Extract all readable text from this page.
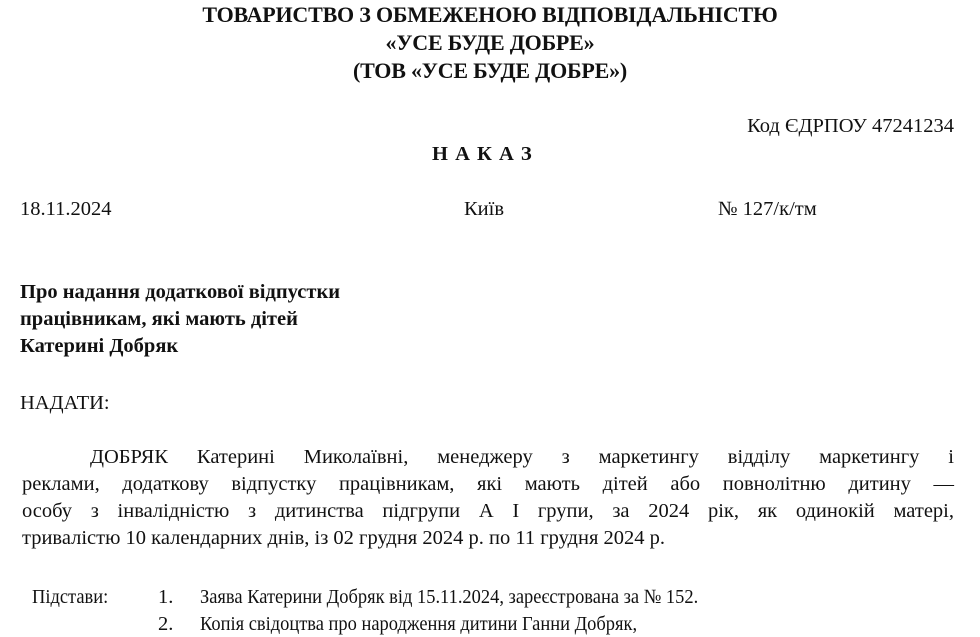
ТОВАРИСТВО З ОБМЕЖЕНОЮ ВІДПОВІДАЛЬНІСТЮ
«УСЕ БУДЕ ДОБРЕ»
(ТОВ «УСЕ БУДЕ ДОБРЕ»)
Код ЄДРПОУ 47241234
Н А К А З
18.11.2024	Київ	№ 127/к/тм
Про надання додаткової відпустки
працівникам, які мають дітей
Катерині Добряк
НАДАТИ:
ДОБРЯК Катерині Миколаївні, менеджеру з маркетингу відділу маркетингу і
реклами, додаткову відпустку працівникам, які мають дітей або повнолітню дитину —
особу з інвалідністю з дитинства підгрупи А І групи, за 2024 рік, як одинокій матері,
тривалістю 10 календарних днів, із 02 грудня 2024 р. по 11 грудня 2024 р.
Підстави: 1. Заява Катерини Добряк від 15.11.2024, зареєстрована за № 152.
2. Копія свідоцтва про народження дитини Ганни Добряк,
